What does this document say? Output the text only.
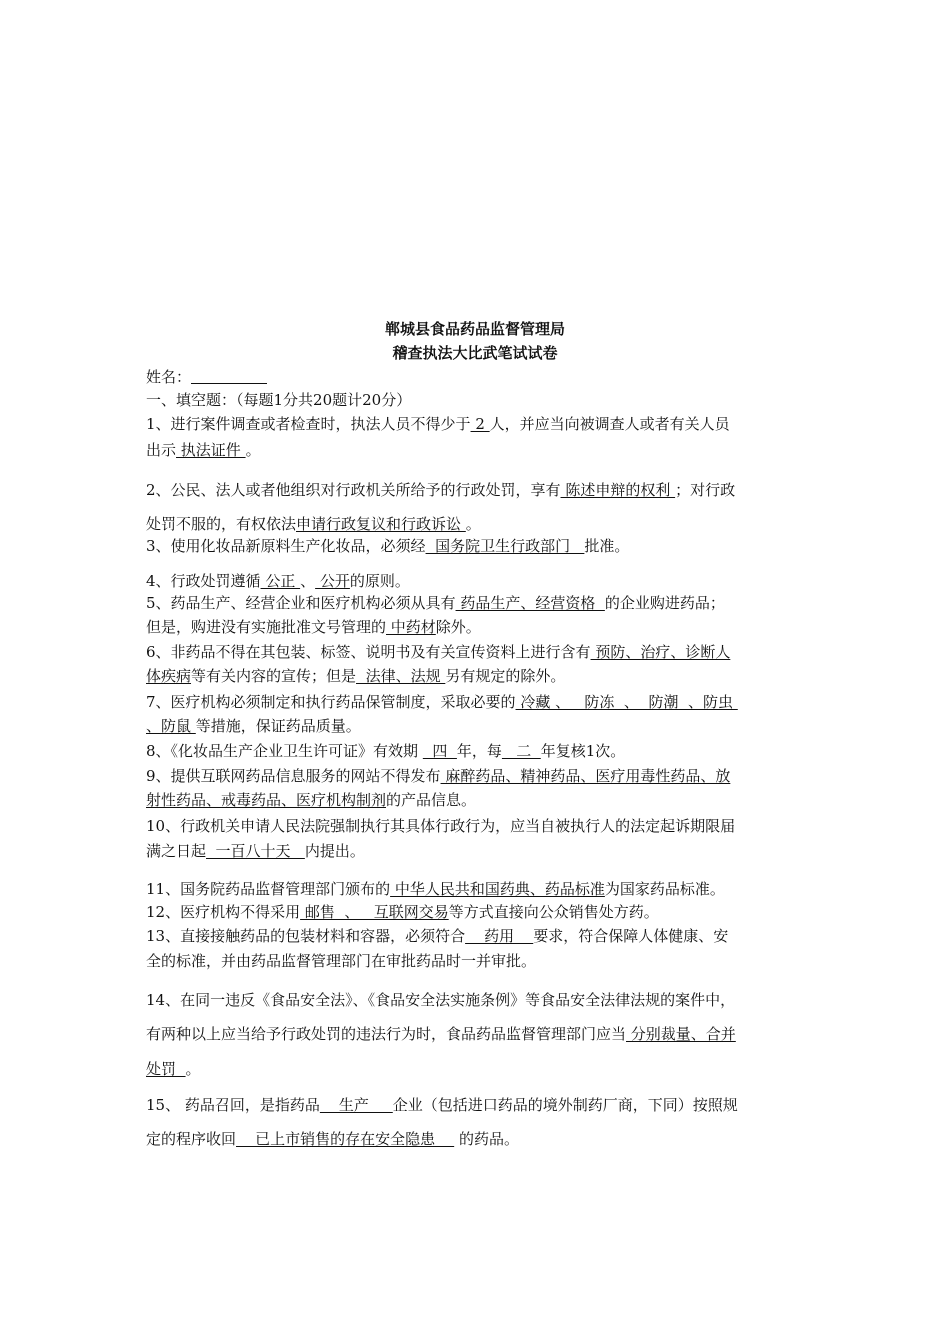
郸城县食品药品监督管理局
稽查执法大比武笔试试卷
姓名：
一、填空题：（每题1分共20题计20分）
1、进行案件调查或者检查时，执法人员不得少于 2 人，并应当向被调查人或者有关人员
出示 执法证件 。
2、公民、法人或者他组织对行政机关所给予的行政处罚，享有 陈述申辩的权利 ；对行政
处罚不服的，有权依法申请行政复议和行政诉讼 。
3、使用化妆品新原料生产化妆品，必须经  国务院卫生行政部门   批准。
4、行政处罚遵循 公正 、 公开的原则。
5、药品生产、经营企业和医疗机构必须从具有 药品生产、经营资格  的企业购进药品；
但是，购进没有实施批准文号管理的 中药材除外。
6、非药品不得在其包装、标签、说明书及有关宣传资料上进行含有 预防、治疗、诊断人
体疾病等有关内容的宣传；但是  法律、法规 另有规定的除外。
7、医疗机构必须制定和执行药品保管制度，采取必要的 冷藏 、   防冻  、  防潮  、防虫
、防鼠 等措施，保证药品质量。
8、《化妆品生产企业卫生许可证》有效期   四  年，每   二  年复核1次。
9、提供互联网药品信息服务的网站不得发布 麻醉药品、精神药品、医疗用毒性药品、放
射性药品、戒毒药品、医疗机构制剂的产品信息。
10、行政机关申请人民法院强制执行其具体行政行为，应当自被执行人的法定起诉期限届
满之日起  一百八十天   内提出。
11、国务院药品监督管理部门颁布的 中华人民共和国药典、药品标准为国家药品标准。
12、医疗机构不得采用 邮售  、   互联网交易等方式直接向公众销售处方药。
13、直接接触药品的包装材料和容器，必须符合    药用    要求，符合保障人体健康、安
全的标准，并由药品监督管理部门在审批药品时一并审批。
14、在同一违反《食品安全法》、《食品安全法实施条例》等食品安全法律法规的案件中，
有两种以上应当给予行政处罚的违法行为时，食品药品监督管理部门应当 分别裁量、合并
处罚  。
15、 药品召回，是指药品    生产     企业（包括进口药品的境外制药厂商，下同）按照规
定的程序收回    已上市销售的存在安全隐患     的药品。
